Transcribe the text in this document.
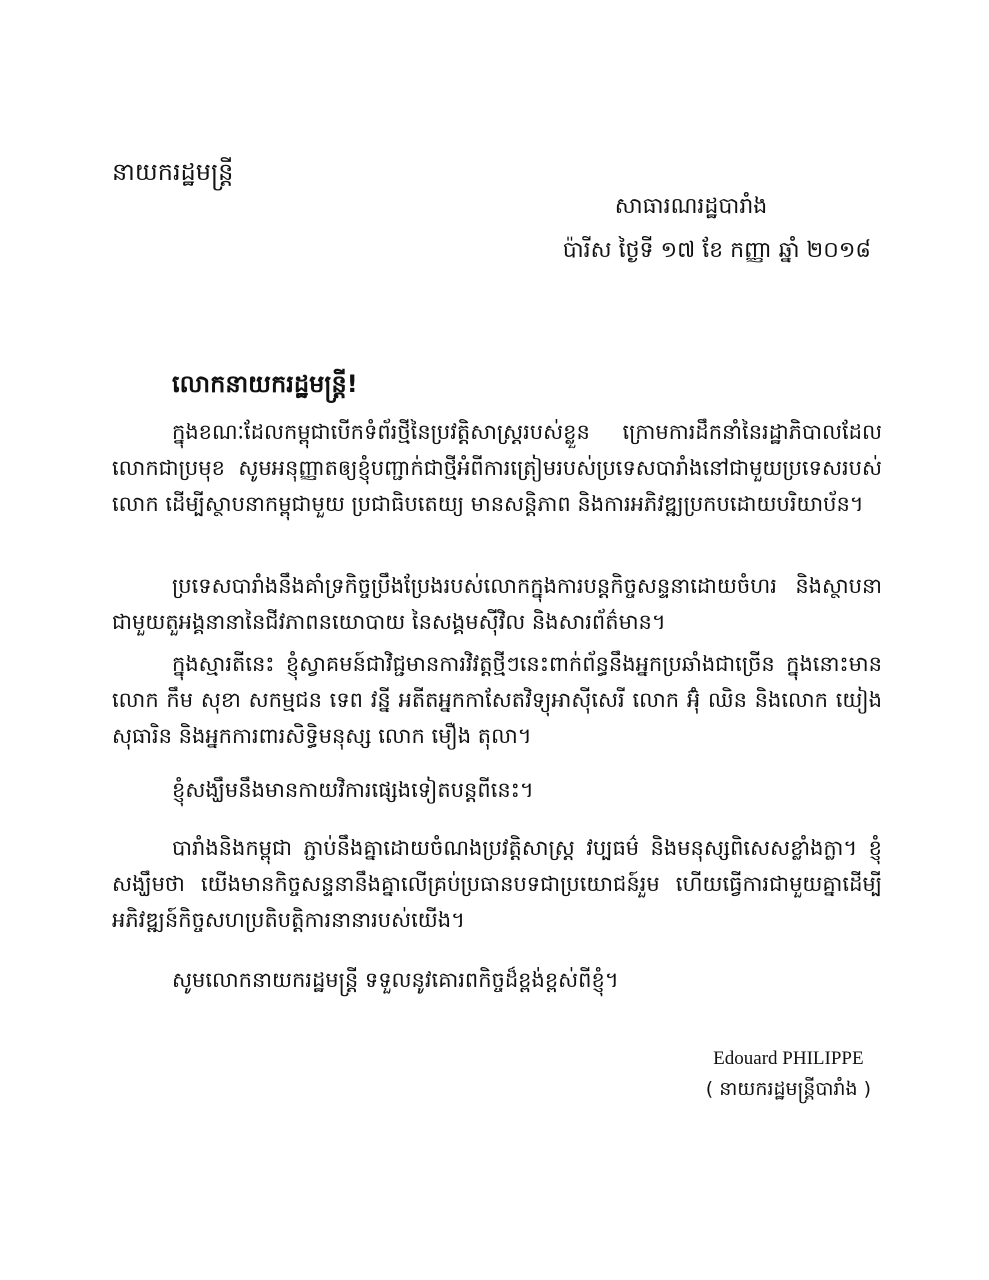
នាយករដ្ឋមន្ត្រី
សាធារណរដ្ឋបារាំង
ប៉ារីស ថ្ងៃទី ១៧ ខែ កញ្ញា ឆ្នាំ ២០១៨
លោកនាយករដ្ឋមន្ត្រី!

ក្នុងខណៈដែលកម្ពុជាបើកទំព័រថ្មីនៃប្រវត្តិសាស្ត្ររបស់ខ្លួន ក្រោមការដឹកនាំនៃរដ្ឋាភិបាលដែលលោកជាប្រមុខ សូមអនុញ្ញាតឲ្យខ្ញុំបញ្ជាក់ជាថ្មីអំពីការត្រៀមរបស់ប្រទេសបារាំងនៅជាមួយប្រទេសរបស់លោក ដើម្បីស្ថាបនាកម្ពុជាមួយ ប្រជាធិបតេយ្យ មានសន្តិភាព និងការអភិវឌ្ឍប្រកបដោយបរិយាប័ន។

ប្រទេសបារាំងនឹងគាំទ្រកិច្ចប្រឹងប្រែងរបស់លោកក្នុងការបន្តកិច្ចសន្ទនាដោយចំហរ និងស្ថាបនាជាមួយតួអង្គនានានៃជីវភាពនយោបាយ នៃសង្គមស៊ីវិល និងសារព័ត៌មាន។

ក្នុងស្មារតីនេះ ខ្ញុំស្វាគមន៍ជាវិជ្ជមានការវិវត្តថ្មីៗនេះពាក់ព័ន្ធនឹងអ្នកប្រឆាំងជាច្រើន ក្នុងនោះមានលោក កឹម សុខា សកម្មជន ទេព វន្នី អតីតអ្នកកាសែតវិទ្យុអាស៊ីសេរី លោក អ៊ុំ ឈិន និងលោក យៀង សុធារិន និងអ្នកការពារសិទ្ធិមនុស្ស លោក មឿង តុលា។

ខ្ញុំសង្ឃឹមនឹងមានកាយវិការផ្សេងទៀតបន្តពីនេះ។

បារាំងនិងកម្ពុជា ភ្ជាប់នឹងគ្នាដោយចំណងប្រវត្តិសាស្ត្រ វប្បធម៌ និងមនុស្សពិសេសខ្លាំងក្លា។ ខ្ញុំសង្ឃឹមថា យើងមានកិច្ចសន្ទនានឹងគ្នាលើគ្រប់ប្រធានបទជាប្រយោជន៍រួម ហើយធ្វើការជាមួយគ្នាដើម្បីអភិវឌ្ឍន៍កិច្ចសហប្រតិបត្តិការនានារបស់យើង។

សូមលោកនាយករដ្ឋមន្ត្រី ទទួលនូវគោរពកិច្ចដ៏ខ្ពង់ខ្ពស់ពីខ្ញុំ។

Edouard PHILIPPE
( នាយករដ្ឋមន្ត្រីបារាំង )
